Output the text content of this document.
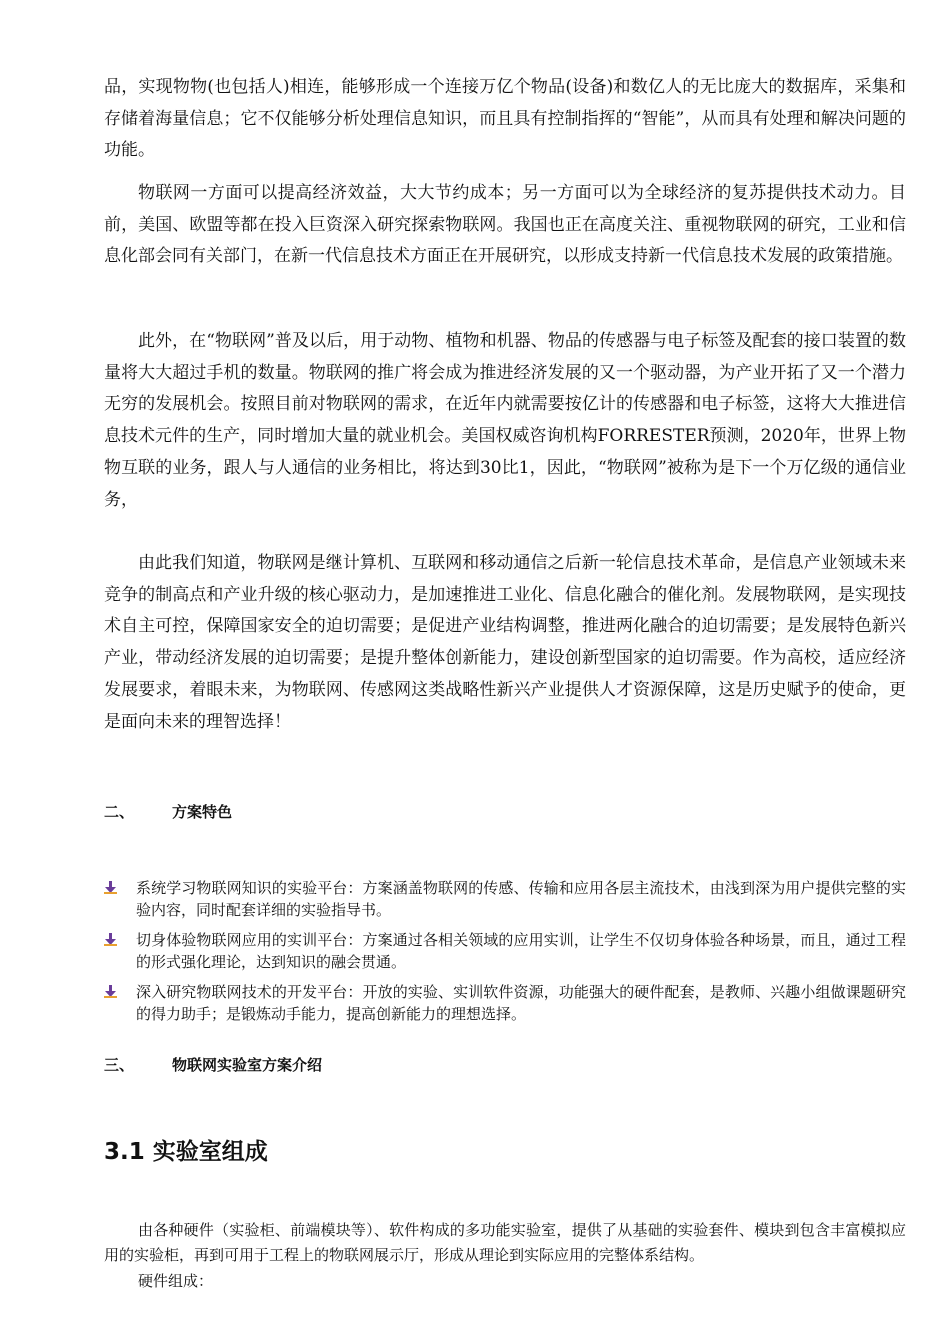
品，实现物物(也包括人)相连，能够形成一个连接万亿个物品(设备)和数亿人的无比庞大的数据库，采集和存储着海量信息；它不仅能够分析处理信息知识，而且具有控制指挥的“智能”，从而具有处理和解决问题的功能。

物联网一方面可以提高经济效益，大大节约成本；另一方面可以为全球经济的复苏提供技术动力。目前，美国、欧盟等都在投入巨资深入研究探索物联网。我国也正在高度关注、重视物联网的研究，工业和信息化部会同有关部门，在新一代信息技术方面正在开展研究，以形成支持新一代信息技术发展的政策措施。

此外，在“物联网”普及以后，用于动物、植物和机器、物品的传感器与电子标签及配套的接口装置的数量将大大超过手机的数量。物联网的推广将会成为推进经济发展的又一个驱动器，为产业开拓了又一个潜力无穷的发展机会。按照目前对物联网的需求，在近年内就需要按亿计的传感器和电子标签，这将大大推进信息技术元件的生产，同时增加大量的就业机会。美国权威咨询机构FORRESTER预测，2020年，世界上物物互联的业务，跟人与人通信的业务相比，将达到30比1，因此，“物联网”被称为是下一个万亿级的通信业务，

由此我们知道，物联网是继计算机、互联网和移动通信之后新一轮信息技术革命，是信息产业领域未来竞争的制高点和产业升级的核心驱动力，是加速推进工业化、信息化融合的催化剂。发展物联网，是实现技术自主可控，保障国家安全的迫切需要；是促进产业结构调整，推进两化融合的迫切需要；是发展特色新兴产业，带动经济发展的迫切需要；是提升整体创新能力，建设创新型国家的迫切需要。作为高校，适应经济发展要求，着眼未来，为物联网、传感网这类战略性新兴产业提供人才资源保障，这是历史赋予的使命，更是面向未来的理智选择！

二、	方案特色
系统学习物联网知识的实验平台：方案涵盖物联网的传感、传输和应用各层主流技术，由浅到深为用户提供完整的实验内容，同时配套详细的实验指导书。
切身体验物联网应用的实训平台：方案通过各相关领域的应用实训，让学生不仅切身体验各种场景，而且，通过工程的形式强化理论，达到知识的融会贯通。
深入研究物联网技术的开发平台：开放的实验、实训软件资源，功能强大的硬件配套，是教师、兴趣小组做课题研究的得力助手；是锻炼动手能力，提高创新能力的理想选择。
三、	物联网实验室方案介绍
3.1 实验室组成

由各种硬件（实验柜、前端模块等）、软件构成的多功能实验室，提供了从基础的实验套件、模块到包含丰富模拟应用的实验柜，再到可用于工程上的物联网展示厅，形成从理论到实际应用的完整体系结构。

硬件组成：
